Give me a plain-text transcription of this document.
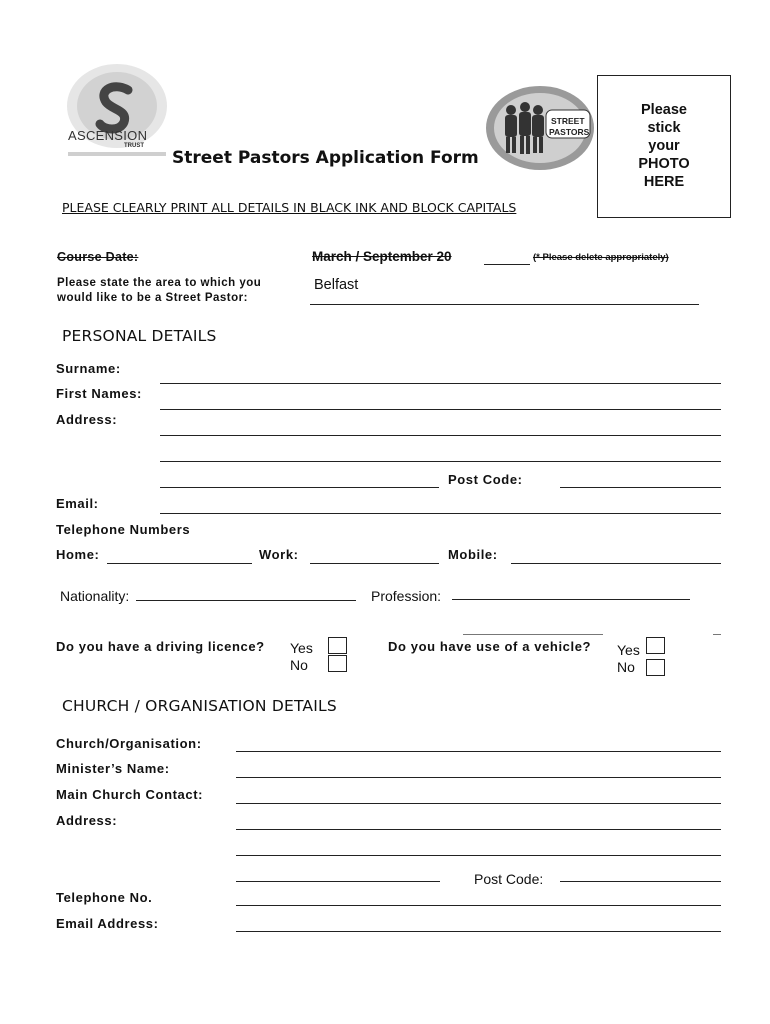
ASCENSION
TRUST
STREET
PASTORS
Street Pastors Application Form
Please
stick
your
PHOTO
HERE
PLEASE CLEARLY PRINT ALL DETAILS IN BLACK INK AND BLOCK CAPITALS
Course Date:	March / September 20	(* Please delete appropriately)
Please state the area to which you
would like to be a Street Pastor:
Belfast
PERSONAL DETAILS
Surname:
First Names:
Address:
Post Code:
Email:
Telephone Numbers
Home:	Work:	Mobile:
Nationality:	Profession:
Do you have a driving licence? Yes
No
Do you have use of a vehicle? Yes
No
CHURCH / ORGANISATION DETAILS
Church/Organisation:
Minister’s Name:
Main Church Contact:
Address:
Post Code:
Telephone No.
Email Address:
